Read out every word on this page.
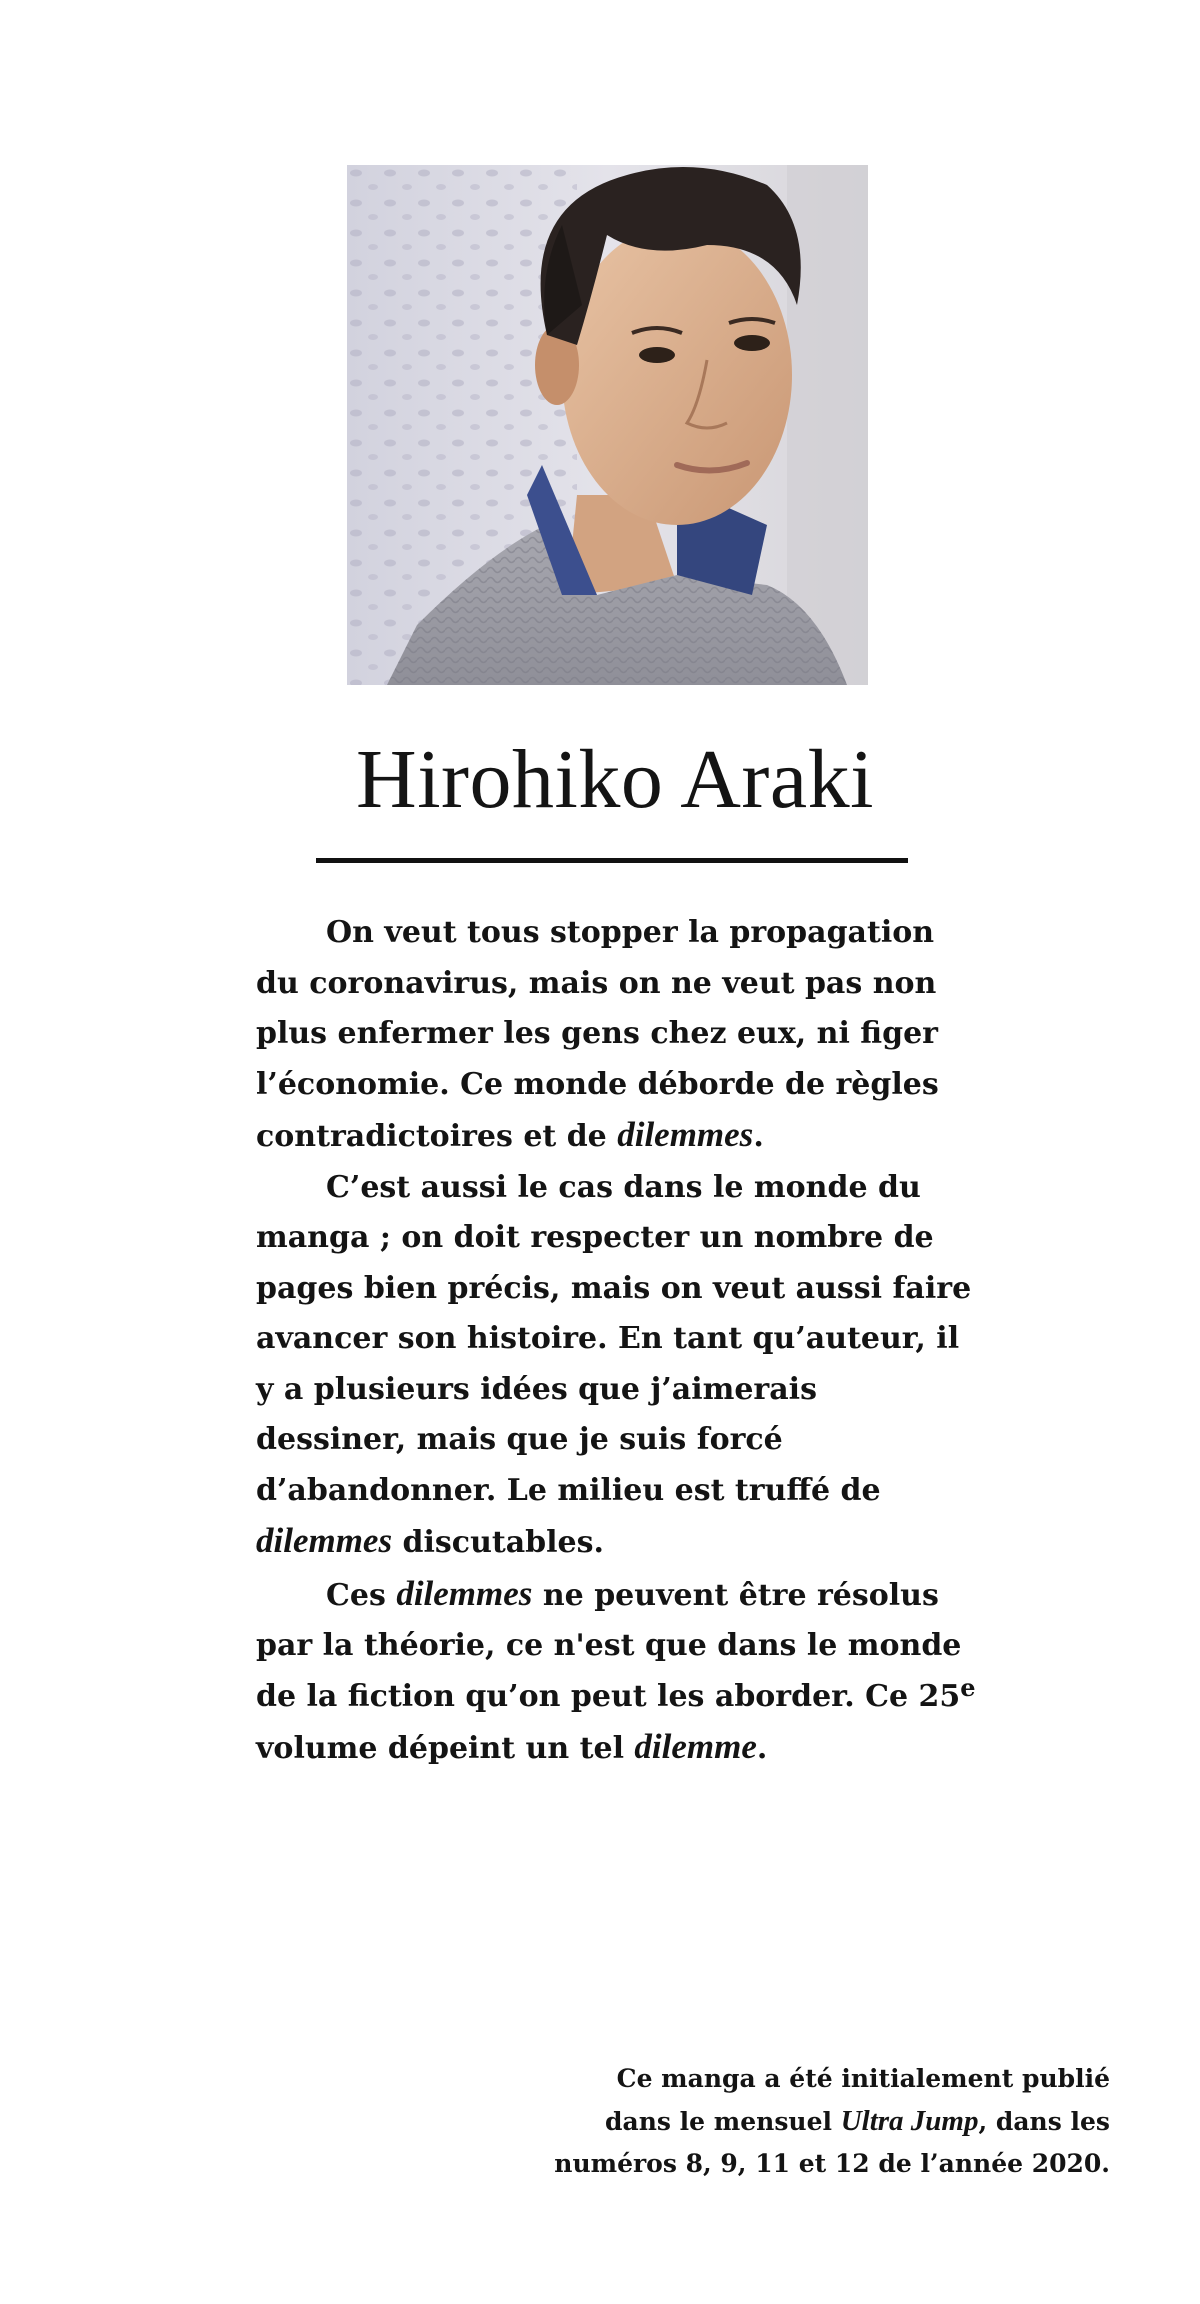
Hirohiko Araki

On veut tous stopper la propagation du coronavirus, mais on ne veut pas non plus enfermer les gens chez eux, ni figer l’économie. Ce monde déborde de règles contradictoires et de dilemmes.

C’est aussi le cas dans le monde du manga ; on doit respecter un nombre de pages bien précis, mais on veut aussi faire avancer son histoire. En tant qu’auteur, il y a plusieurs idées que j’aimerais dessiner, mais que je suis forcé d’abandonner. Le milieu est truffé de dilemmes discutables.

Ces dilemmes ne peuvent être résolus par la théorie, ce n'est que dans le monde de la fiction qu’on peut les aborder. Ce 25e volume dépeint un tel dilemme.

Ce manga a été initialement publié
dans le mensuel Ultra Jump, dans les
numéros 8, 9, 11 et 12 de l’année 2020.
